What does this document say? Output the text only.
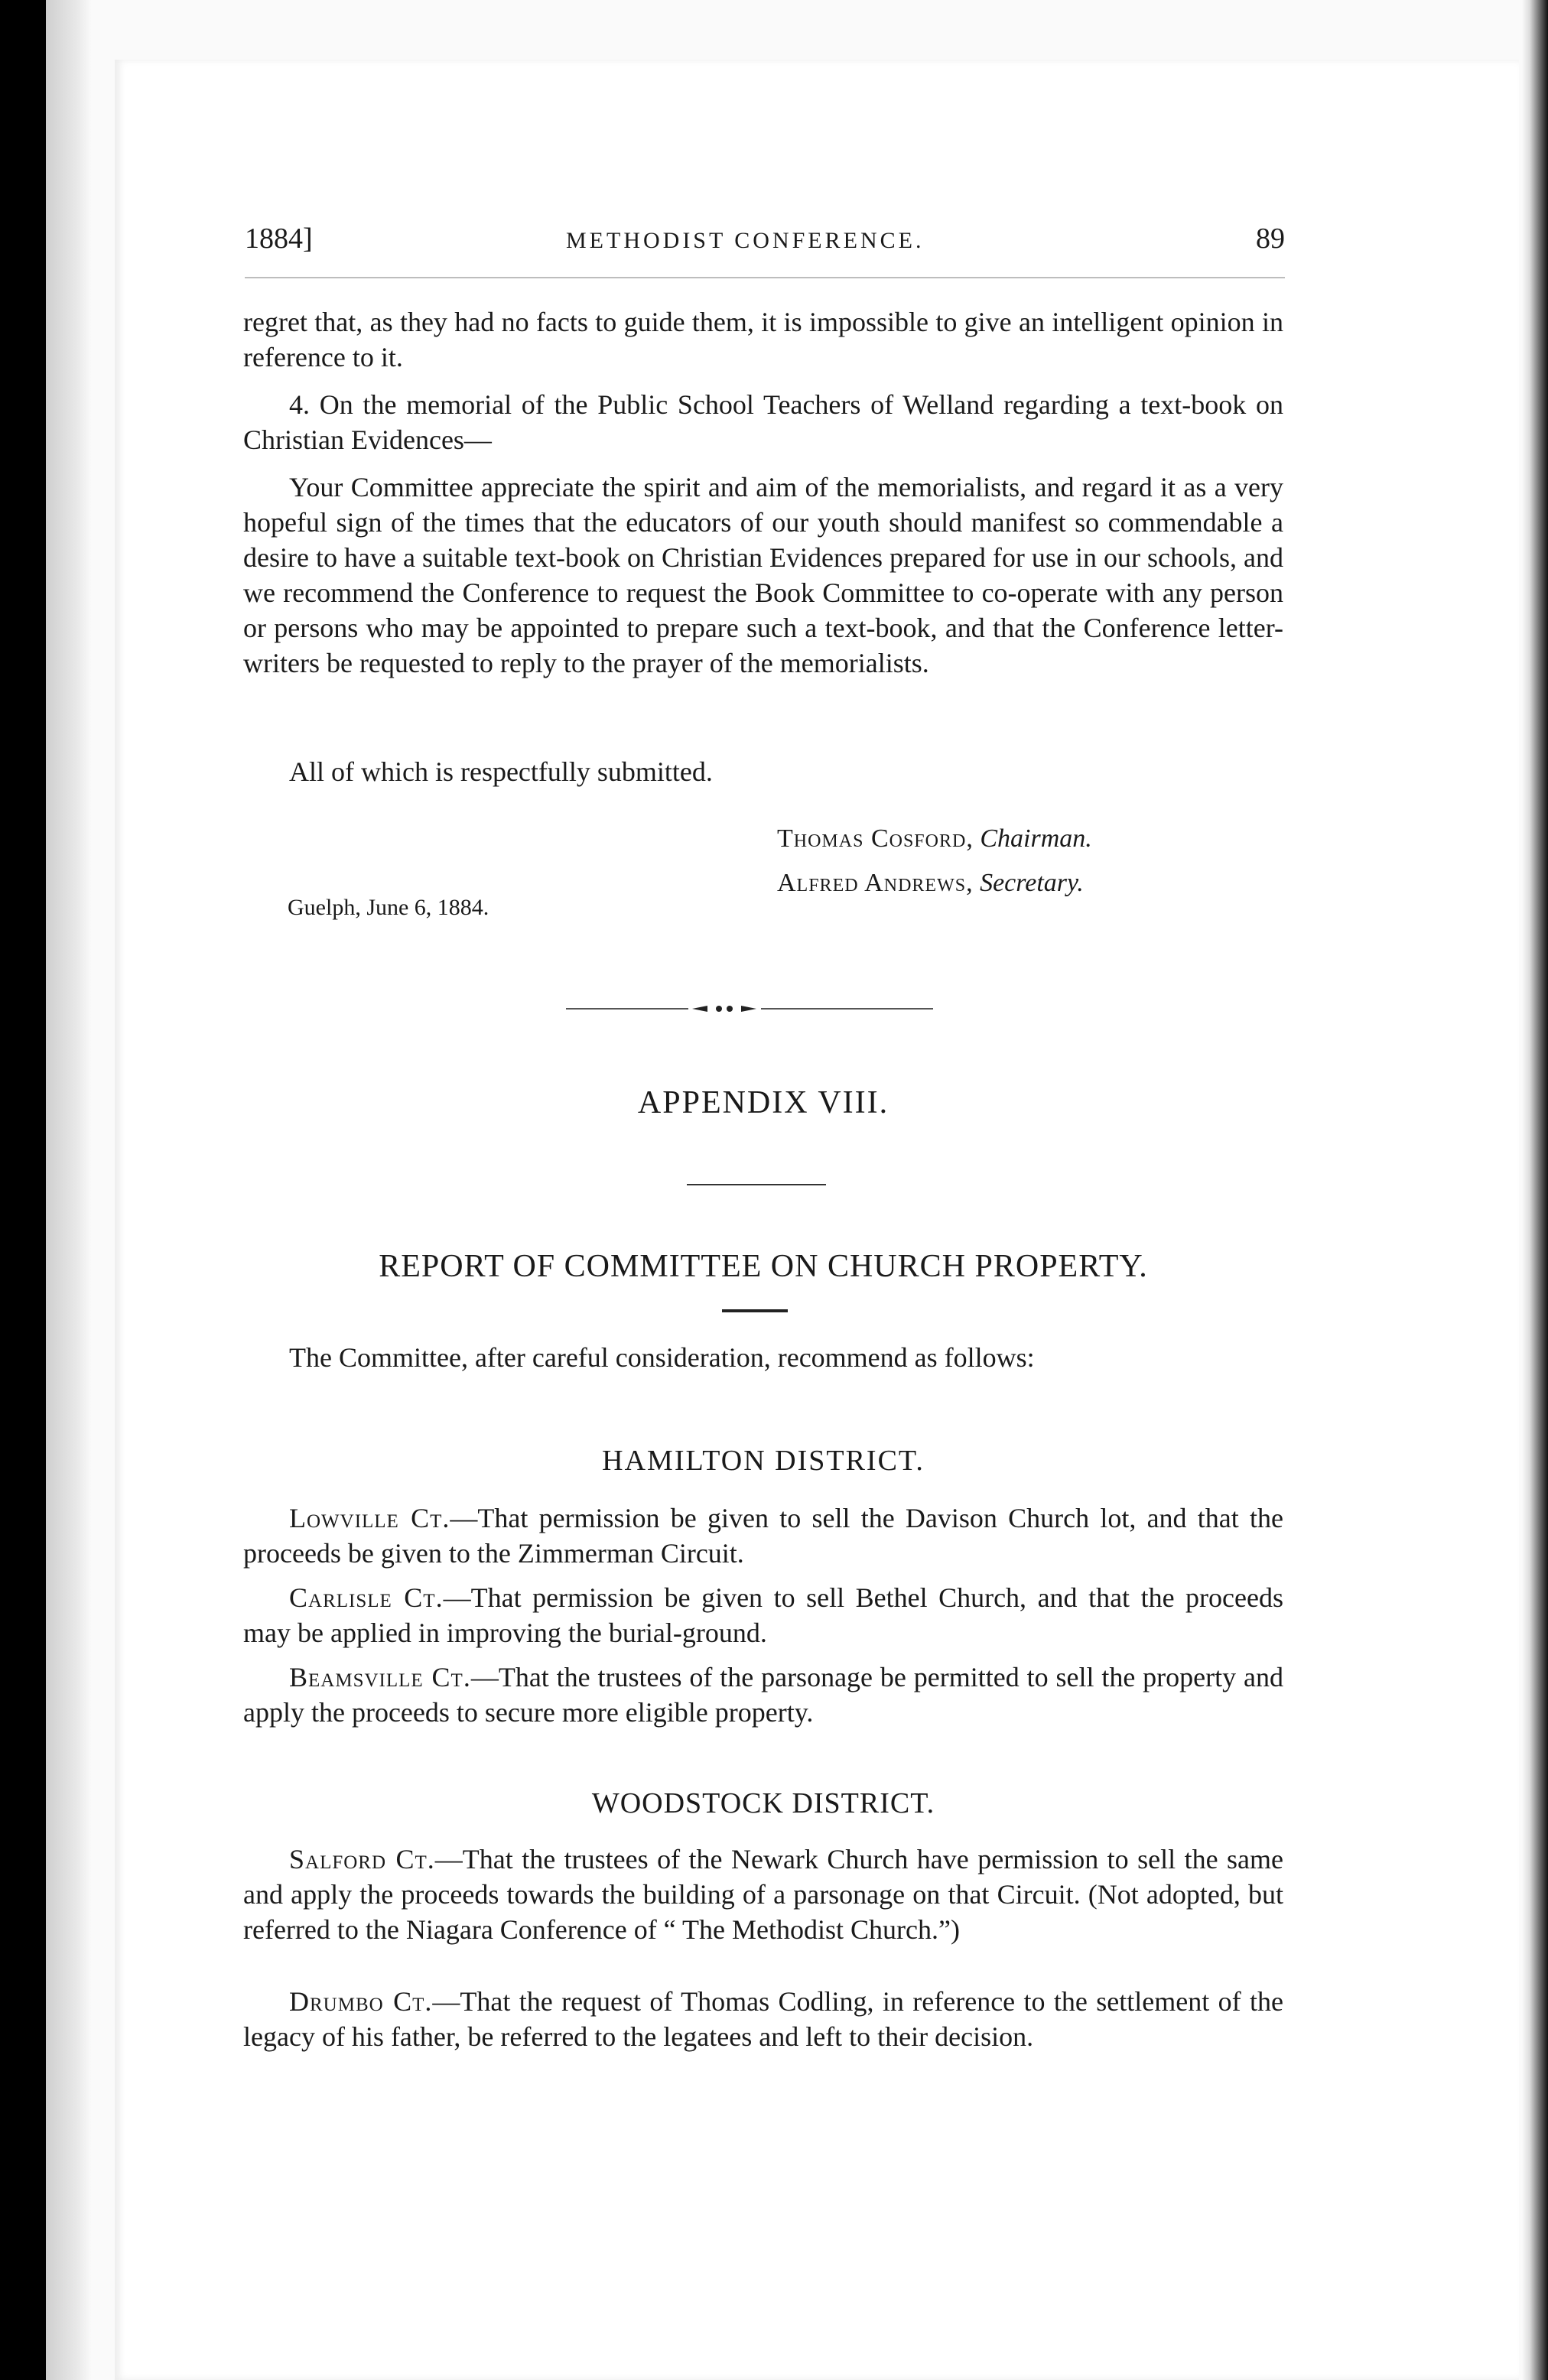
1884]	METHODIST CONFERENCE.	89

regret that, as they had no facts to guide them, it is impossible to give an intelligent opinion in reference to it.

4. On the memorial of the Public School Teachers of Welland regarding a text-book on Christian Evidences—

Your Committee appreciate the spirit and aim of the memorialists, and regard it as a very hopeful sign of the times that the educators of our youth should manifest so commendable a desire to have a suitable text-book on Christian Evidences prepared for use in our schools, and we recommend the Conference to request the Book Committee to co-operate with any person or persons who may be appointed to prepare such a text-book, and that the Conference letter-writers be requested to reply to the prayer of the memorialists.

All of which is respectfully submitted.

Thomas Cosford, Chairman.
Alfred Andrews, Secretary.
Guelph, June 6, 1884.
APPENDIX VIII.
REPORT OF COMMITTEE ON CHURCH PROPERTY.

The Committee, after careful consideration, recommend as follows:

HAMILTON DISTRICT.

Lowville Ct.—That permission be given to sell the Davison Church lot, and that the proceeds be given to the Zimmerman Circuit.

Carlisle Ct.—That permission be given to sell Bethel Church, and that the proceeds may be applied in improving the burial-ground.

Beamsville Ct.—That the trustees of the parsonage be permitted to sell the property and apply the proceeds to secure more eligible property.

WOODSTOCK DISTRICT.

Salford Ct.—That the trustees of the Newark Church have permission to sell the same and apply the proceeds towards the building of a parsonage on that Circuit. (Not adopted, but referred to the Niagara Conference of “ The Methodist Church.”)

Drumbo Ct.—That the request of Thomas Codling, in reference to the settlement of the legacy of his father, be referred to the legatees and left to their decision.
